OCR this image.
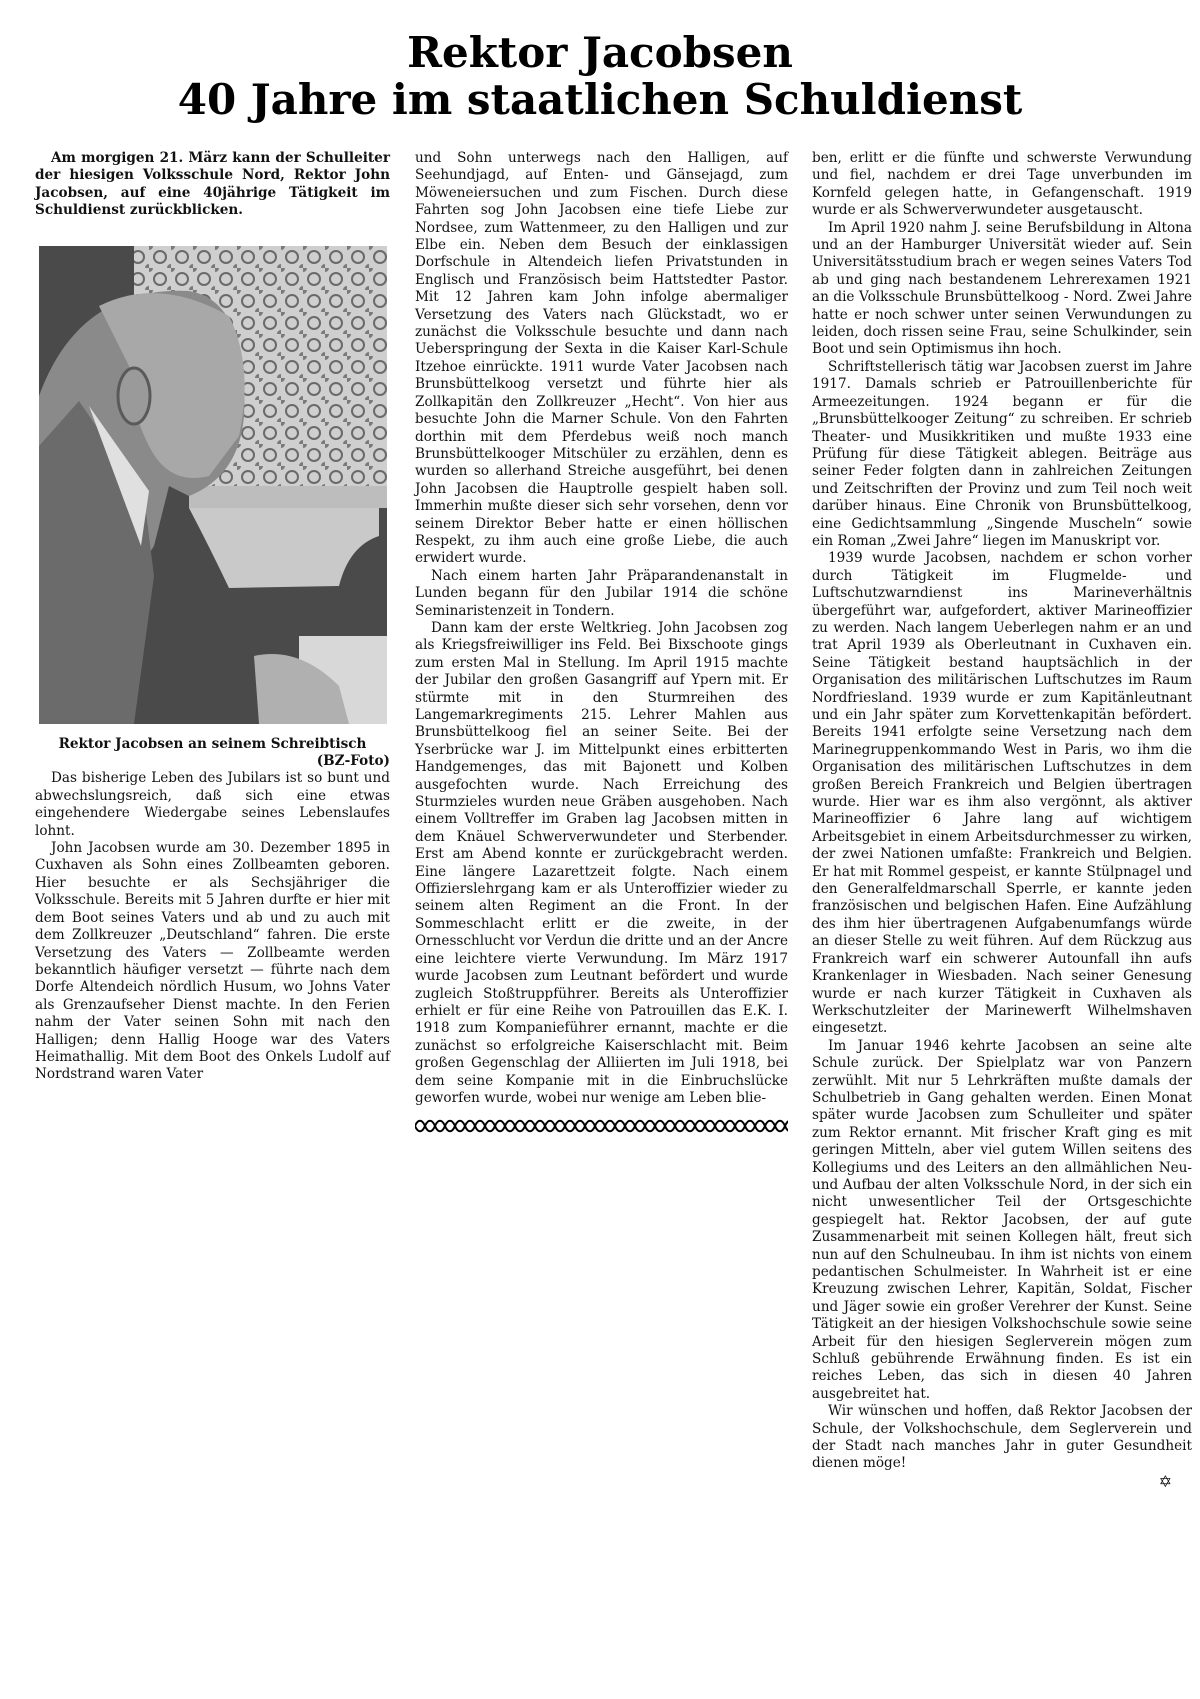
Rektor Jacobsen
40 Jahre im staatlichen Schuldienst

Am morgigen 21. März kann der Schulleiter der hiesigen Volksschule Nord, Rektor John Jacobsen, auf eine 40jährige Tätigkeit im Schuldienst zurückblicken.

Rektor Jacobsen an seinem Schreibtisch

(BZ-Foto)

Das bisherige Leben des Jubilars ist so bunt und abwechslungsreich, daß sich eine etwas eingehendere Wiedergabe seines Lebenslaufes lohnt.

John Jacobsen wurde am 30. Dezember 1895 in Cuxhaven als Sohn eines Zollbeamten geboren. Hier besuchte er als Sechsjähriger die Volksschule. Bereits mit 5 Jahren durfte er hier mit dem Boot seines Vaters und ab und zu auch mit dem Zollkreuzer „Deutschland“ fahren. Die erste Versetzung des Vaters — Zollbeamte werden bekanntlich häufiger versetzt — führte nach dem Dorfe Altendeich nördlich Husum, wo Johns Vater als Grenzaufseher Dienst machte. In den Ferien nahm der Vater seinen Sohn mit nach den Halligen; denn Hallig Hooge war des Vaters Heimathallig. Mit dem Boot des Onkels Ludolf auf Nordstrand waren Vater

und Sohn unterwegs nach den Halligen, auf Seehundjagd, auf Enten- und Gänsejagd, zum Möweneiersuchen und zum Fischen. Durch diese Fahrten sog John Jacobsen eine tiefe Liebe zur Nordsee, zum Wattenmeer, zu den Halligen und zur Elbe ein. Neben dem Besuch der einklassigen Dorfschule in Altendeich liefen Privatstunden in Englisch und Französisch beim Hattstedter Pastor. Mit 12 Jahren kam John infolge abermaliger Versetzung des Vaters nach Glückstadt, wo er zunächst die Volksschule besuchte und dann nach Ueberspringung der Sexta in die Kaiser Karl-Schule Itzehoe einrückte. 1911 wurde Vater Jacobsen nach Brunsbüttelkoog versetzt und führte hier als Zollkapitän den Zollkreuzer „Hecht“. Von hier aus besuchte John die Marner Schule. Von den Fahrten dorthin mit dem Pferdebus weiß noch manch Brunsbüttelkooger Mitschüler zu erzählen, denn es wurden so allerhand Streiche ausgeführt, bei denen John Jacobsen die Hauptrolle gespielt haben soll. Immerhin mußte dieser sich sehr vorsehen, denn vor seinem Direktor Beber hatte er einen höllischen Respekt, zu ihm auch eine große Liebe, die auch erwidert wurde.

Nach einem harten Jahr Präparandenanstalt in Lunden begann für den Jubilar 1914 die schöne Seminaristenzeit in Tondern.

Dann kam der erste Weltkrieg. John Jacobsen zog als Kriegsfreiwilliger ins Feld. Bei Bixschoote gings zum ersten Mal in Stellung. Im April 1915 machte der Jubilar den großen Gasangriff auf Ypern mit. Er stürmte mit in den Sturmreihen des Langemarkregiments 215. Lehrer Mahlen aus Brunsbüttelkoog fiel an seiner Seite. Bei der Yserbrücke war J. im Mittelpunkt eines erbitterten Handgemenges, das mit Bajonett und Kolben ausgefochten wurde. Nach Erreichung des Sturmzieles wurden neue Gräben ausgehoben. Nach einem Volltreffer im Graben lag Jacobsen mitten in dem Knäuel Schwerverwundeter und Sterbender. Erst am Abend konnte er zurückgebracht werden. Eine längere Lazarettzeit folgte. Nach einem Offizierslehrgang kam er als Unteroffizier wieder zu seinem alten Regiment an die Front. In der Sommeschlacht erlitt er die zweite, in der Ornesschlucht vor Verdun die dritte und an der Ancre eine leichtere vierte Verwundung. Im März 1917 wurde Jacobsen zum Leutnant befördert und wurde zugleich Stoßtruppführer. Bereits als Unteroffizier erhielt er für eine Reihe von Patrouillen das E.K. I. 1918 zum Kompanieführer ernannt, machte er die zunächst so erfolgreiche Kaiserschlacht mit. Beim großen Gegenschlag der Alliierten im Juli 1918, bei dem seine Kompanie mit in die Einbruchslücke geworfen wurde, wobei nur wenige am Leben blie-

ben, erlitt er die fünfte und schwerste Verwundung und fiel, nachdem er drei Tage unverbunden im Kornfeld gelegen hatte, in Gefangenschaft. 1919 wurde er als Schwerverwundeter ausgetauscht.

Im April 1920 nahm J. seine Berufsbildung in Altona und an der Hamburger Universität wieder auf. Sein Universitätsstudium brach er wegen seines Vaters Tod ab und ging nach bestandenem Lehrerexamen 1921 an die Volksschule Brunsbüttelkoog - Nord. Zwei Jahre hatte er noch schwer unter seinen Verwundungen zu leiden, doch rissen seine Frau, seine Schulkinder, sein Boot und sein Optimismus ihn hoch.

Schriftstellerisch tätig war Jacobsen zuerst im Jahre 1917. Damals schrieb er Patrouillenberichte für Armeezeitungen. 1924 begann er für die „Brunsbüttelkooger Zeitung“ zu schreiben. Er schrieb Theater- und Musikkritiken und mußte 1933 eine Prüfung für diese Tätigkeit ablegen. Beiträge aus seiner Feder folgten dann in zahlreichen Zeitungen und Zeitschriften der Provinz und zum Teil noch weit darüber hinaus. Eine Chronik von Brunsbüttelkoog, eine Gedichtsammlung „Singende Muscheln“ sowie ein Roman „Zwei Jahre“ liegen im Manuskript vor.

1939 wurde Jacobsen, nachdem er schon vorher durch Tätigkeit im Flugmelde- und Luftschutzwarndienst ins Marineverhältnis übergeführt war, aufgefordert, aktiver Marineoffizier zu werden. Nach langem Ueberlegen nahm er an und trat April 1939 als Oberleutnant in Cuxhaven ein. Seine Tätigkeit bestand hauptsächlich in der Organisation des militärischen Luftschutzes im Raum Nordfriesland. 1939 wurde er zum Kapitänleutnant und ein Jahr später zum Korvettenkapitän befördert. Bereits 1941 erfolgte seine Versetzung nach dem Marinegruppenkommando West in Paris, wo ihm die Organisation des militärischen Luftschutzes in dem großen Bereich Frankreich und Belgien übertragen wurde. Hier war es ihm also vergönnt, als aktiver Marineoffizier 6 Jahre lang auf wichtigem Arbeitsgebiet in einem Arbeitsdurchmesser zu wirken, der zwei Nationen umfaßte: Frankreich und Belgien. Er hat mit Rommel gespeist, er kannte Stülpnagel und den Generalfeldmarschall Sperrle, er kannte jeden französischen und belgischen Hafen. Eine Aufzählung des ihm hier übertragenen Aufgabenumfangs würde an dieser Stelle zu weit führen. Auf dem Rückzug aus Frankreich warf ein schwerer Autounfall ihn aufs Krankenlager in Wiesbaden. Nach seiner Genesung wurde er nach kurzer Tätigkeit in Cuxhaven als Werkschutzleiter der Marinewerft Wilhelmshaven eingesetzt.

Im Januar 1946 kehrte Jacobsen an seine alte Schule zurück. Der Spielplatz war von Panzern zerwühlt. Mit nur 5 Lehrkräften mußte damals der Schulbetrieb in Gang gehalten werden. Einen Monat später wurde Jacobsen zum Schulleiter und später zum Rektor ernannt. Mit frischer Kraft ging es mit geringen Mitteln, aber viel gutem Willen seitens des Kollegiums und des Leiters an den allmählichen Neu- und Aufbau der alten Volksschule Nord, in der sich ein nicht unwesentlicher Teil der Ortsgeschichte gespiegelt hat. Rektor Jacobsen, der auf gute Zusammenarbeit mit seinen Kollegen hält, freut sich nun auf den Schulneubau. In ihm ist nichts von einem pedantischen Schulmeister. In Wahrheit ist er eine Kreuzung zwischen Lehrer, Kapitän, Soldat, Fischer und Jäger sowie ein großer Verehrer der Kunst. Seine Tätigkeit an der hiesigen Volkshochschule sowie seine Arbeit für den hiesigen Seglerverein mögen zum Schluß gebührende Erwähnung finden. Es ist ein reiches Leben, das sich in diesen 40 Jahren ausgebreitet hat.

Wir wünschen und hoffen, daß Rektor Jacobsen der Schule, der Volkshochschule, dem Seglerverein und der Stadt nach manches Jahr in guter Gesundheit dienen möge!

✡
